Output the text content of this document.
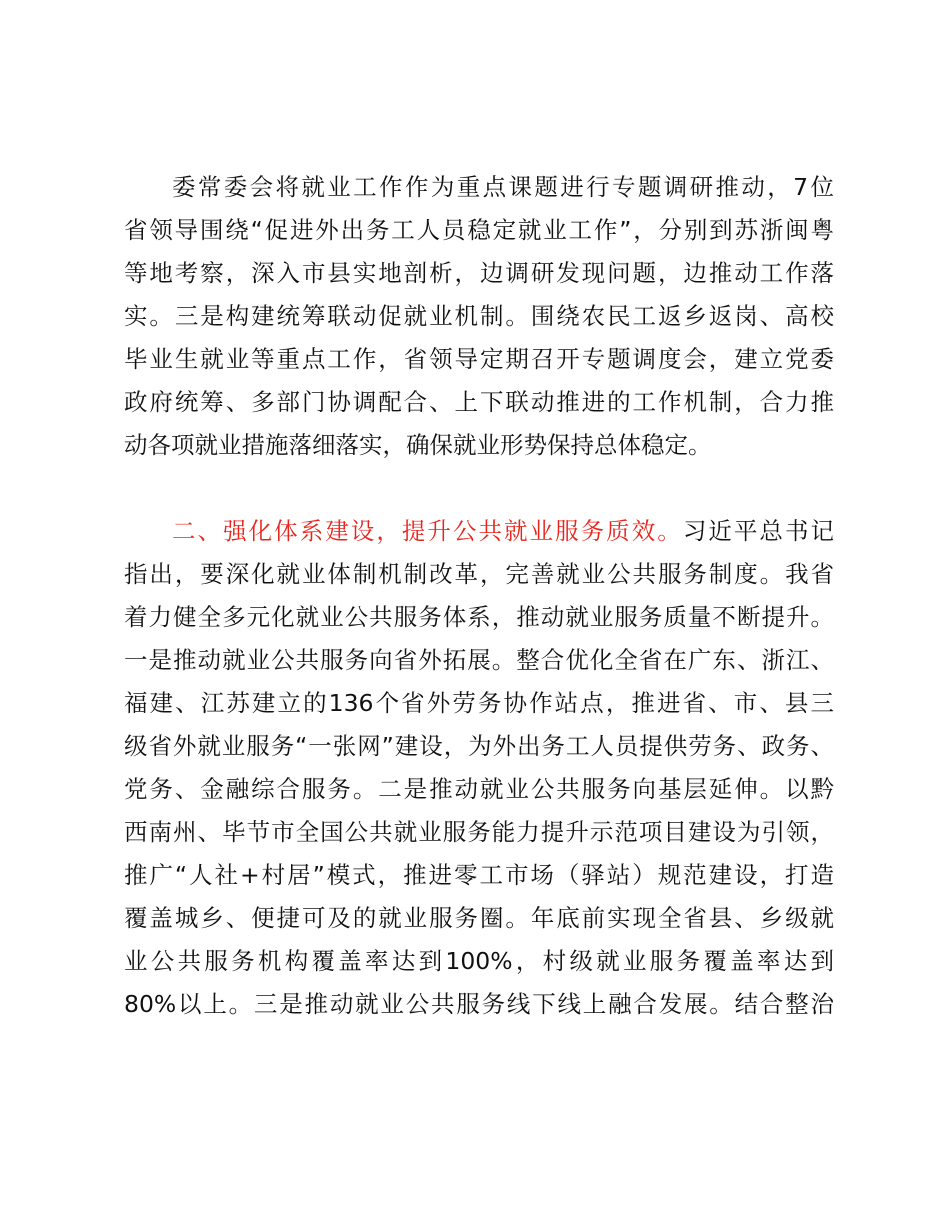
委常委会将就业工作作为重点课题进行专题调研推动，7位
省领导围绕“促进外出务工人员稳定就业工作”，分别到苏浙闽粤
等地考察，深入市县实地剖析，边调研发现问题，边推动工作落
实。三是构建统筹联动促就业机制。围绕农民工返乡返岗、高校
毕业生就业等重点工作，省领导定期召开专题调度会，建立党委
政府统筹、多部门协调配合、上下联动推进的工作机制，合力推
动各项就业措施落细落实，确保就业形势保持总体稳定。
二、强化体系建设，提升公共就业服务质效。习近平总书记
指出，要深化就业体制机制改革，完善就业公共服务制度。我省
着力健全多元化就业公共服务体系，推动就业服务质量不断提升。
一是推动就业公共服务向省外拓展。整合优化全省在广东、浙江、
福建、江苏建立的136个省外劳务协作站点，推进省、市、县三
级省外就业服务“一张网”建设，为外出务工人员提供劳务、政务、
党务、金融综合服务。二是推动就业公共服务向基层延伸。以黔
西南州、毕节市全国公共就业服务能力提升示范项目建设为引领，
推广“人社+村居”模式，推进零工市场（驿站）规范建设，打造
覆盖城乡、便捷可及的就业服务圈。年底前实现全省县、乡级就
业公共服务机构覆盖率达到100%，村级就业服务覆盖率达到
80%以上。三是推动就业公共服务线下线上融合发展。结合整治
